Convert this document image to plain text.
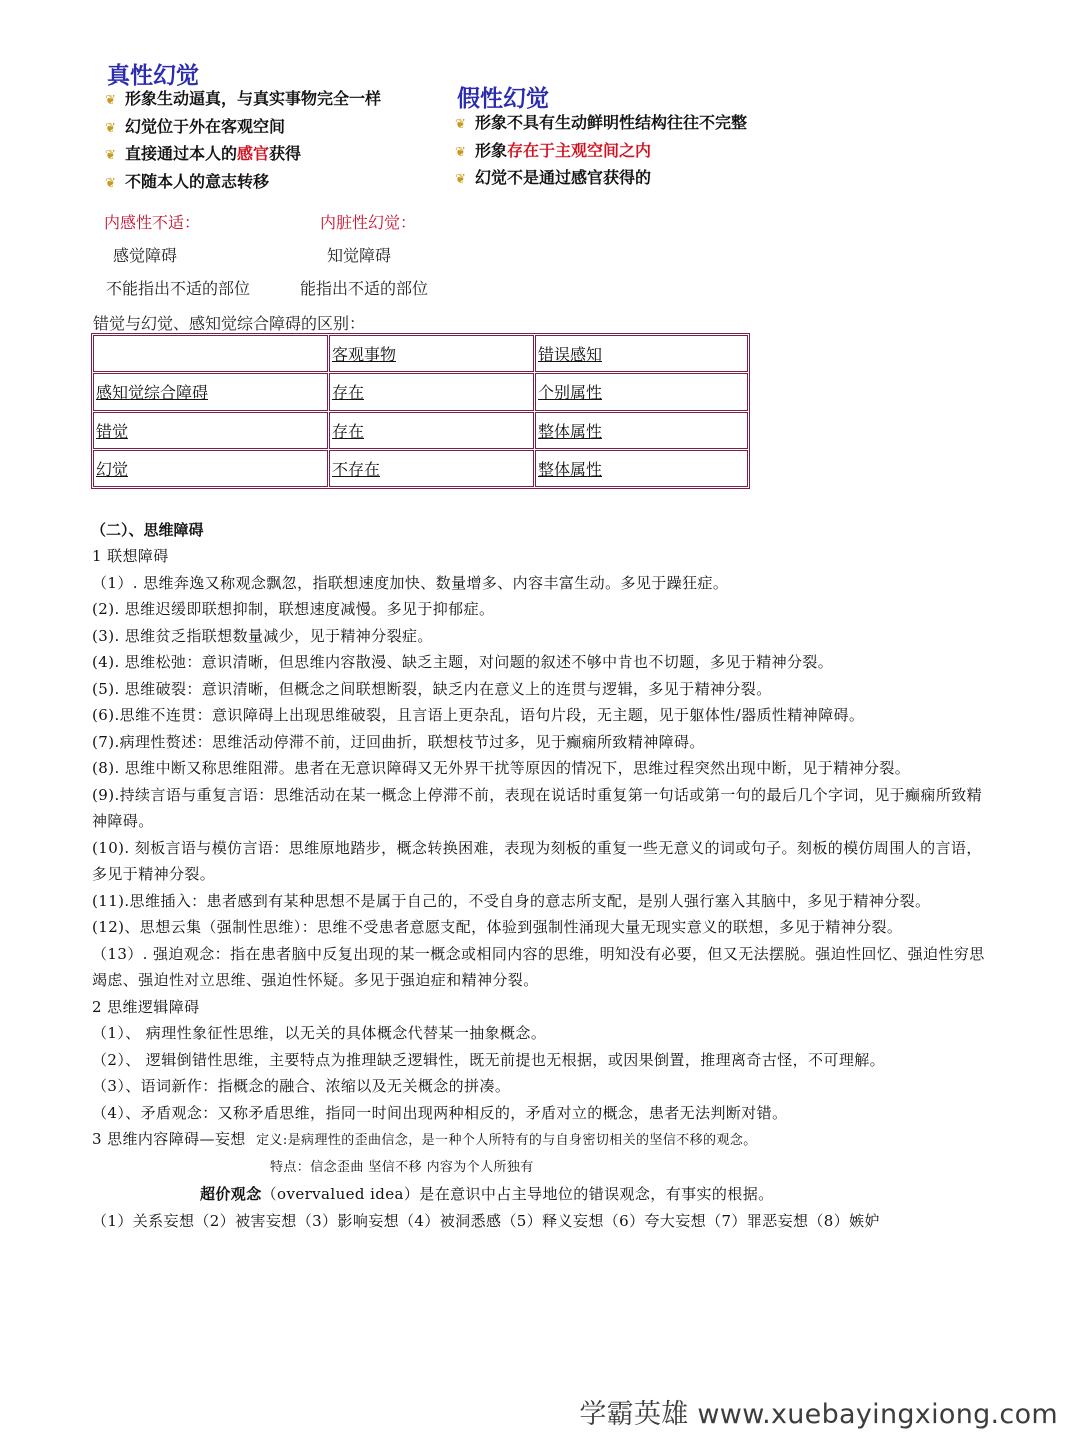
真性幻觉
❦ 形象生动逼真，与真实事物完全一样
❦ 幻觉位于外在客观空间
❦ 直接通过本人的感官获得
❦ 不随本人的意志转移
假性幻觉
❦ 形象不具有生动鲜明性结构往往不完整
❦ 形象存在于主观空间之内
❦ 幻觉不是通过感官获得的
内感性不适：	内脏性幻觉：
感觉障碍	知觉障碍
不能指出不适的部位	能指出不适的部位
错觉与幻觉、感知觉综合障碍的区别：
	客观事物	错误感知
感知觉综合障碍	存在	个别属性
错觉	存在	整体属性
幻觉	不存在	整体属性
（二）、思维障碍

1 联想障碍

（1）. 思维奔逸又称观念飘忽，指联想速度加快、数量增多、内容丰富生动。多见于躁狂症。

(2). 思维迟缓即联想抑制，联想速度减慢。多见于抑郁症。

(3). 思维贫乏指联想数量减少，见于精神分裂症。

(4). 思维松弛：意识清晰，但思维内容散漫、缺乏主题，对问题的叙述不够中肯也不切题，多见于精神分裂。

(5). 思维破裂：意识清晰，但概念之间联想断裂，缺乏内在意义上的连贯与逻辑，多见于精神分裂。

(6).思维不连贯：意识障碍上出现思维破裂，且言语上更杂乱，语句片段，无主题，见于躯体性/器质性精神障碍。

(7).病理性赘述：思维活动停滞不前，迂回曲折，联想枝节过多，见于癫痫所致精神障碍。

(8). 思维中断又称思维阻滞。患者在无意识障碍又无外界干扰等原因的情况下，思维过程突然出现中断，见于精神分裂。

(9).持续言语与重复言语：思维活动在某一概念上停滞不前，表现在说话时重复第一句话或第一句的最后几个字词，见于癫痫所致精神障碍。

(10). 刻板言语与模仿言语：思维原地踏步，概念转换困难，表现为刻板的重复一些无意义的词或句子。刻板的模仿周围人的言语，多见于精神分裂。

(11).思维插入：患者感到有某种思想不是属于自己的，不受自身的意志所支配，是别人强行塞入其脑中，多见于精神分裂。

(12)、思想云集（强制性思维）：思维不受患者意愿支配，体验到强制性涌现大量无现实意义的联想，多见于精神分裂。

（13）. 强迫观念：指在患者脑中反复出现的某一概念或相同内容的思维，明知没有必要，但又无法摆脱。强迫性回忆、强迫性穷思竭虑、强迫性对立思维、强迫性怀疑。多见于强迫症和精神分裂。

2 思维逻辑障碍

（1）、 病理性象征性思维，以无关的具体概念代替某一抽象概念。

（2）、 逻辑倒错性思维，主要特点为推理缺乏逻辑性，既无前提也无根据，或因果倒置，推理离奇古怪，不可理解。

（3）、语词新作：指概念的融合、浓缩以及无关概念的拼凑。

（4）、矛盾观念：又称矛盾思维，指同一时间出现两种相反的，矛盾对立的概念，患者无法判断对错。

3 思维内容障碍—妄想 定义:是病理性的歪曲信念，是一种个人所特有的与自身密切相关的坚信不移的观念。

特点：信念歪曲 坚信不移 内容为个人所独有

超价观念（overvalued idea）是在意识中占主导地位的错误观念，有事实的根据。

（1）关系妄想（2）被害妄想（3）影响妄想（4）被洞悉感（5）释义妄想（6）夸大妄想（7）罪恶妄想（8）嫉妒

学霸英雄 www.xuebayingxiong.com
